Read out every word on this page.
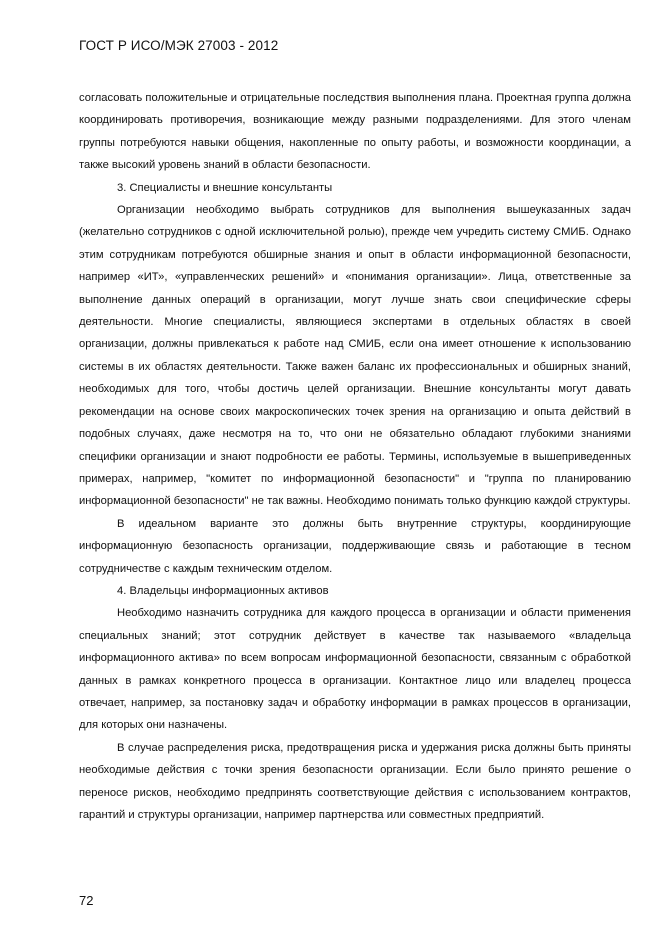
ГОСТ Р ИСО/МЭК 27003 - 2012

согласовать положительные и отрицательные последствия выполнения плана. Проектная группа должна координировать противоречия, возникающие между разными подразделениями. Для этого членам группы потребуются навыки общения, накопленные по опыту работы, и возможности координации, а также высокий уровень знаний в области безопасности.

3. Специалисты и внешние консультанты

Организации необходимо выбрать сотрудников для выполнения вышеуказанных задач (желательно сотрудников с одной исключительной ролью), прежде чем учредить систему СМИБ. Однако этим сотрудникам потребуются обширные знания и опыт в области информационной безопасности, например «ИТ», «управленческих решений» и «понимания организации». Лица, ответственные за выполнение данных операций в организации, могут лучше знать свои специфические сферы деятельности. Многие специалисты, являющиеся экспертами в отдельных областях в своей организации, должны привлекаться к работе над СМИБ, если она имеет отношение к использованию системы в их областях деятельности. Также важен баланс их профессиональных и обширных знаний, необходимых для того, чтобы достичь целей организации. Внешние консультанты могут давать рекомендации на основе своих макроскопических точек зрения на организацию и опыта действий в подобных случаях, даже несмотря на то, что они не обязательно обладают глубокими знаниями специфики организации и знают подробности ее работы. Термины, используемые в вышеприведенных примерах, например, "комитет по информационной безопасности" и "группа по планированию информационной безопасности" не так важны. Необходимо понимать только функцию каждой структуры.

В идеальном варианте это должны быть внутренние структуры, координирующие информационную безопасность организации, поддерживающие связь и работающие в тесном сотрудничестве с каждым техническим отделом.

4. Владельцы информационных активов

Необходимо назначить сотрудника для каждого процесса в организации и области применения специальных знаний; этот сотрудник действует в качестве так называемого «владельца информационного актива» по всем вопросам информационной безопасности, связанным с обработкой данных в рамках конкретного процесса в организации. Контактное лицо или владелец процесса отвечает, например, за постановку задач и обработку информации в рамках процессов в организации, для которых они назначены.

В случае распределения риска, предотвращения риска и удержания риска должны быть приняты необходимые действия с точки зрения безопасности организации. Если было принято решение о переносе рисков, необходимо предпринять соответствующие действия с использованием контрактов, гарантий и структуры организации, например партнерства или совместных предприятий.

72
